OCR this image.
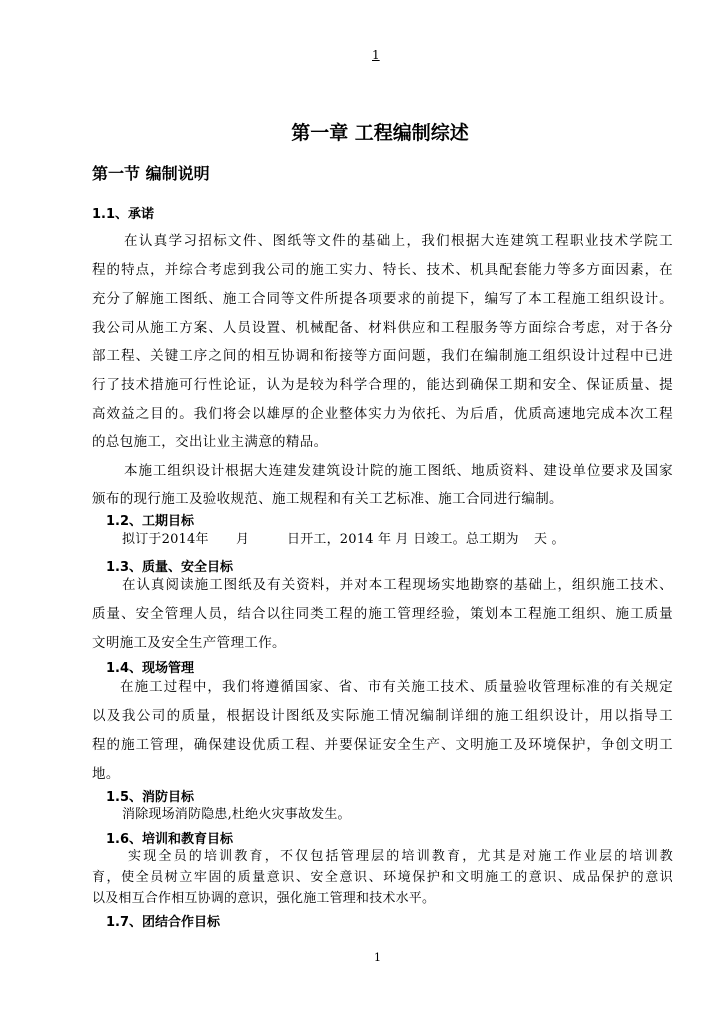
1
第一章 工程编制综述
第一节 编制说明
1.1、承诺
在认真学习招标文件、图纸等文件的基础上，我们根据大连建筑工程职业技术学院工
程的特点，并综合考虑到我公司的施工实力、特长、技术、机具配套能力等多方面因素，在
充分了解施工图纸、施工合同等文件所提各项要求的前提下，编写了本工程施工组织设计。
我公司从施工方案、人员设置、机械配备、材料供应和工程服务等方面综合考虑，对于各分
部工程、关键工序之间的相互协调和衔接等方面问题，我们在编制施工组织设计过程中已进
行了技术措施可行性论证，认为是较为科学合理的，能达到确保工期和安全、保证质量、提
高效益之目的。我们将会以雄厚的企业整体实力为依托、为后盾，优质高速地完成本次工程
的总包施工，交出让业主满意的精品。
本施工组织设计根据大连建发建筑设计院的施工图纸、地质资料、建设单位要求及国家
颁布的现行施工及验收规范、施工规程和有关工艺标准、施工合同进行编制。
1.2、工期目标
拟订于2014年 月	日开工，2014 年 月 日竣工。总工期为 天 。
1.3、质量、安全目标
在认真阅读施工图纸及有关资料，并对本工程现场实地勘察的基础上，组织施工技术、
质量、安全管理人员，结合以往同类工程的施工管理经验，策划本工程施工组织、施工质量
文明施工及安全生产管理工作。
1.4、现场管理
在施工过程中，我们将遵循国家、省、市有关施工技术、质量验收管理标准的有关规定
以及我公司的质量，根据设计图纸及实际施工情况编制详细的施工组织设计，用以指导工
程的施工管理，确保建设优质工程、并要保证安全生产、文明施工及环境保护，争创文明工
地。
1.5、消防目标
消除现场消防隐患,杜绝火灾事故发生。
1.6、培训和教育目标
实现全员的培训教育，不仅包括管理层的培训教育，尤其是对施工作业层的培训教
育，使全员树立牢固的质量意识、安全意识、环境保护和文明施工的意识、成品保护的意识
以及相互合作相互协调的意识，强化施工管理和技术水平。
1.7、团结合作目标
1
